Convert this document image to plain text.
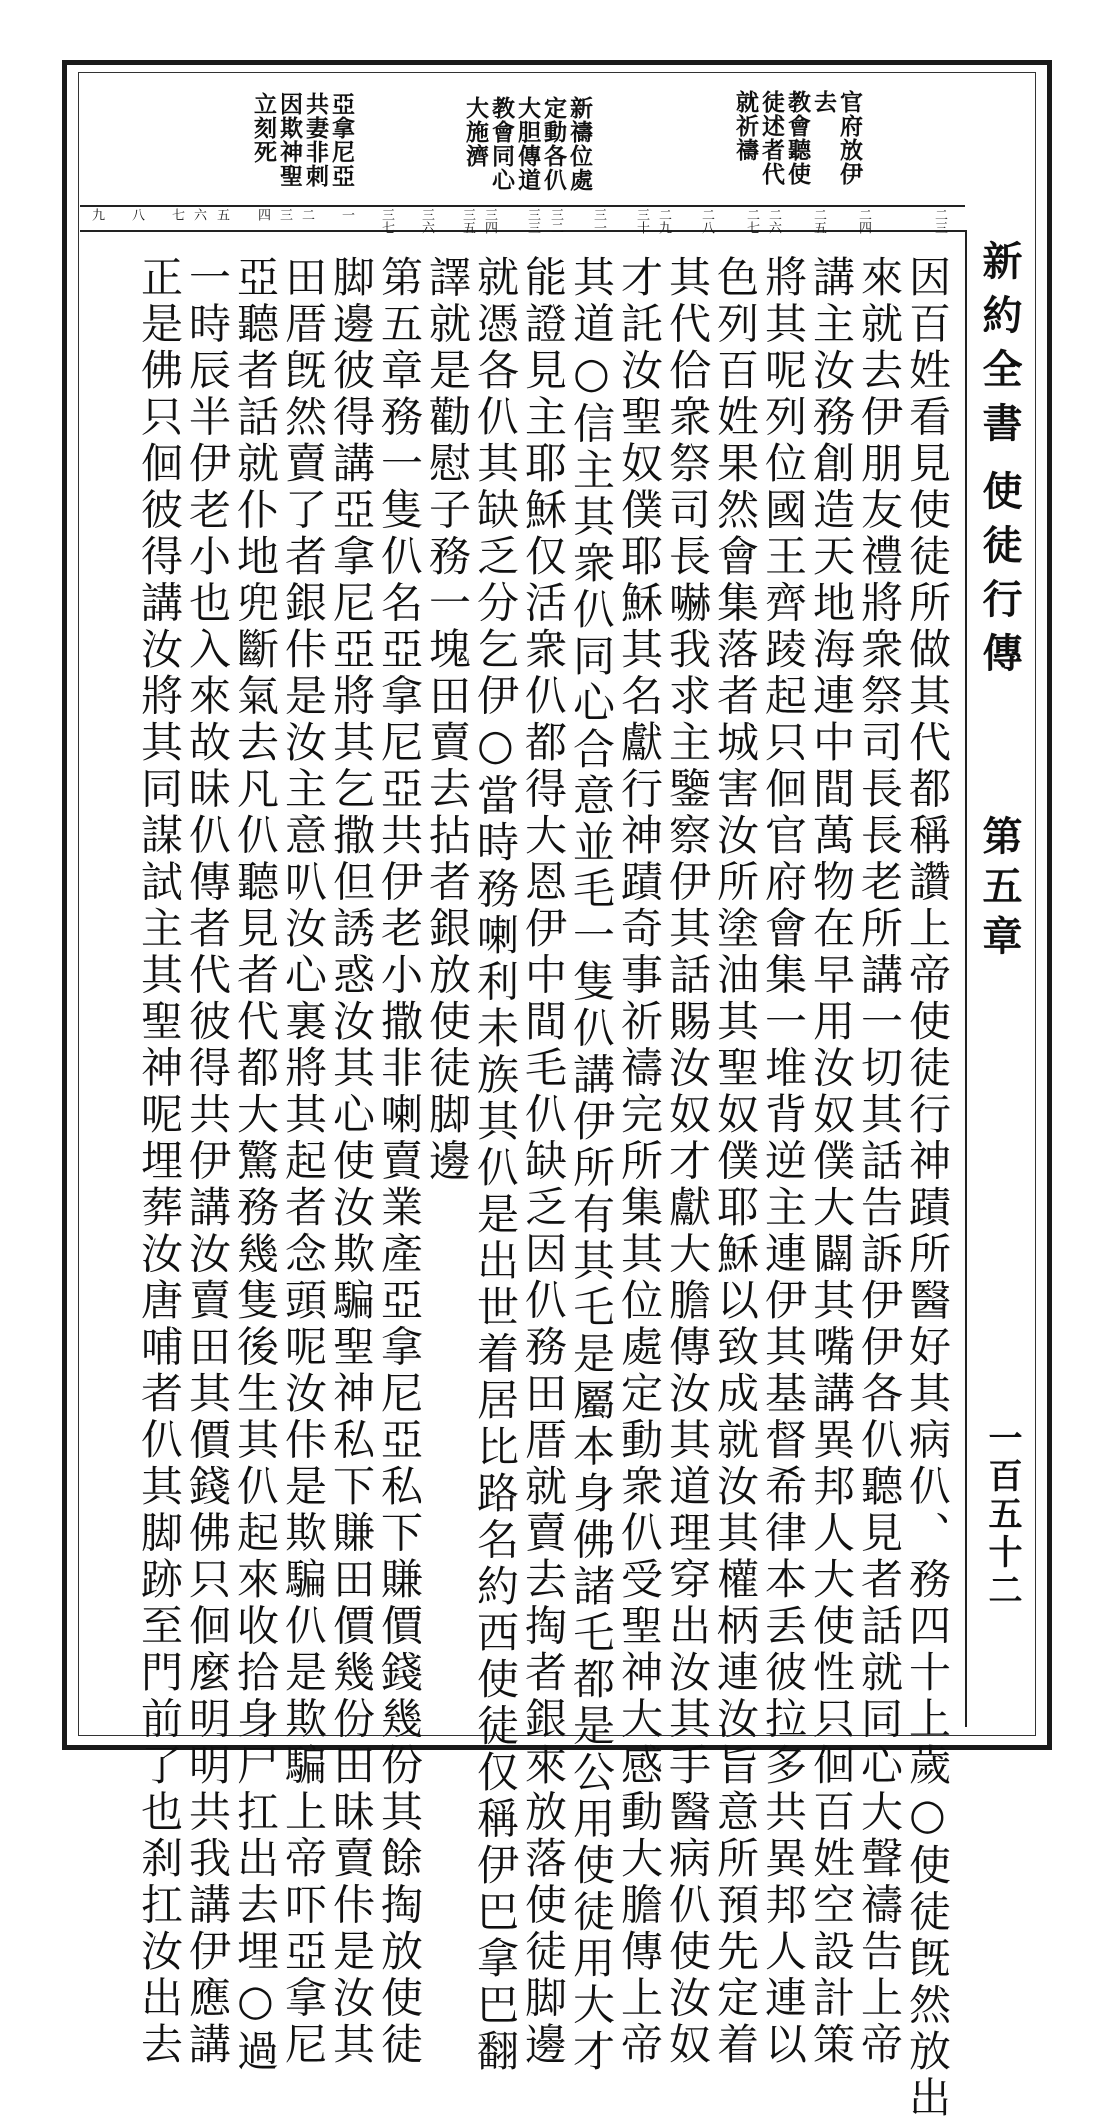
新約全書
使徒行傳
第五章
一百五十二
官府放伊
去
教會聽使
徒述者代
就祈禱
新禱位處
定動各仈
大胆傳道
教會同心
大施濟
亞拿尼亞
共妻非刺
因欺神聖
立刻死
二三
二四
二五
二六
二七
二八
二九
三十
三一
三二
三三
三四
三五
三六
三七
一
二
三
四
五
六
七
八
九
因百姓看見使徒所做其代都稱讚上帝使徒行神蹟所醫好其病仈、務四十上歲○使徒旣然放出
來就去伊朋友禮將衆祭司長長老所講一切其話告訴伊伊各仈聽見者話就同心大聲禱告上帝
講主汝務創造天地海連中間萬物在早用汝奴僕大闢其嘴講異邦人大使性只佪百姓空設計策
將其呢列位國王齊踜起只佪官府會集一堆背逆主連伊其基督希律本丢彼拉多共異邦人連以
色列百姓果然會集落者城害汝所塗油其聖奴僕耶穌以致成就汝其權柄連汝旨意所預先定着
其代佮衆祭司長嚇我求主鑒察伊其話賜汝奴才獻大膽傳汝其道理穿出汝其手醫病仈使汝奴
才託汝聖奴僕耶穌其名獻行神蹟奇事祈禱完所集其位處定動衆仈受聖神大感動大膽傳上帝
其道○信主其衆仈同心合意並毛一隻仈講伊所有其乇是屬本身佛諸乇都是公用使徒用大才
能證見主耶穌仅活衆仈都得大恩伊中間毛仈缺乏因仈務田厝就賣去掏者銀來放落使徒脚邊
就憑各仈其缺乏分乞伊○當時務喇利未族其仈是出世着居比路名約西使徒仅稱伊巴拿巴翻
譯就是勸慰子務一塊田賣去拈者銀放使徒脚邊
第五章務一隻仈名亞拿尼亞共伊老小撒非喇賣業產亞拿尼亞私下賺價錢幾份其餘掏放使徒
脚邊彼得講亞拿尼亞將其乞撒但誘惑汝其心使汝欺騙聖神私下賺田價幾份田昧賣佧是汝其
田厝旣然賣了者銀佧是汝主意叭汝心裏將其起者念頭呢汝佧是欺騙仈是欺騙上帝吓亞拿尼
亞聽者話就仆地兜斷氣去凡仈聽見者代都大驚務幾隻後生其仈起來收拾身尸扛出去埋○過
一時辰半伊老小也入來故昧仈傳者代彼得共伊講汝賣田其價錢佛只佪麼明明共我講伊應講
正是佛只佪彼得講汝將其同謀試主其聖神呢埋葬汝唐哺者仈其脚跡至門前了也刹扛汝出去
